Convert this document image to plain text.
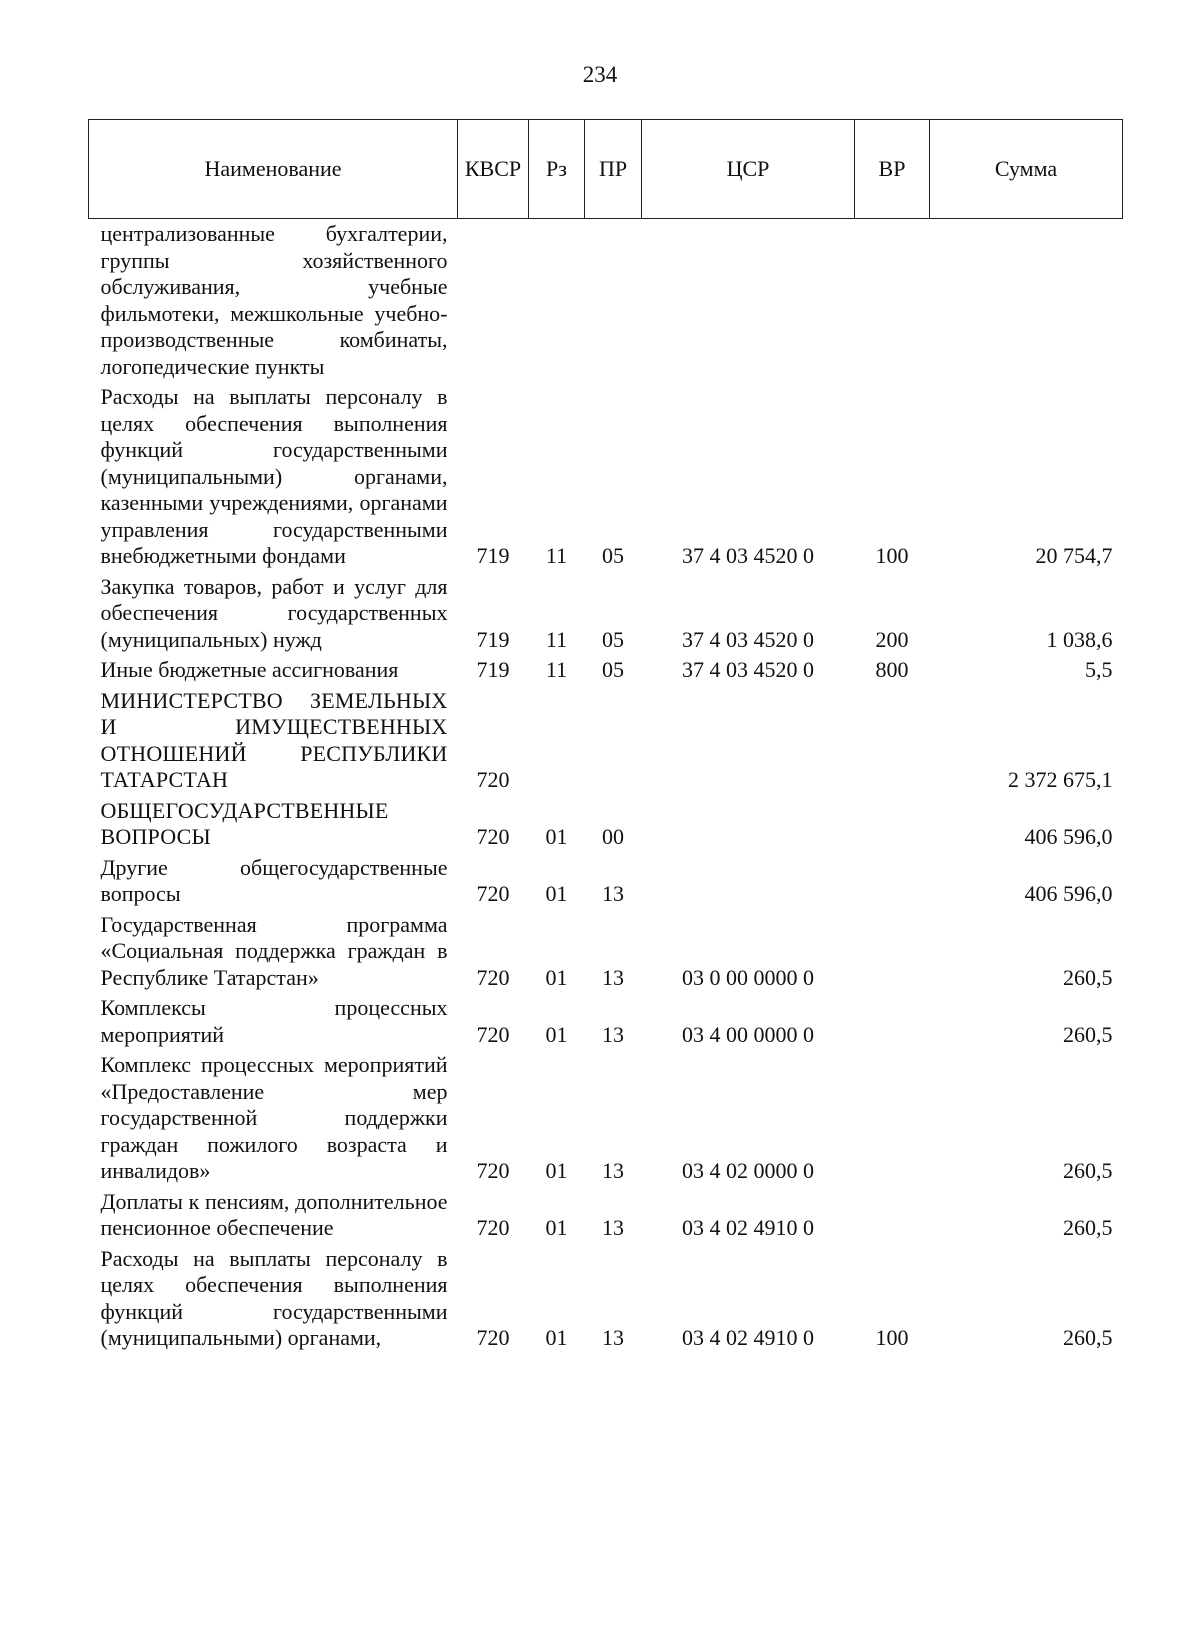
234
Наименование	КВСР	Рз	ПР	ЦСР	ВР	Сумма
централизованные бухгалтерии, группы хозяйственного обслуживания, учебные фильмотеки, межшкольные учебно-производственные комбинаты, логопедические пункты						
Расходы на выплаты персоналу в целях обеспечения выполнения функций государственными (муниципальными) органами, казенными учреждениями, органами управления государственными внебюджетными фондами	719	11	05	37 4 03 4520 0	100	20 754,7
Закупка товаров, работ и услуг для обеспечения государственных (муниципальных) нужд	719	11	05	37 4 03 4520 0	200	1 038,6
Иные бюджетные ассигнования	719	11	05	37 4 03 4520 0	800	5,5
МИНИСТЕРСТВО ЗЕМЕЛЬНЫХ И ИМУЩЕСТВЕННЫХ ОТНОШЕНИЙ РЕСПУБЛИКИ ТАТАРСТАН	720					2 372 675,1
ОБЩЕГОСУДАРСТВЕННЫЕ ВОПРОСЫ	720	01	00			406 596,0
Другие общегосударственные вопросы	720	01	13			406 596,0
Государственная программа «Социальная поддержка граждан в Республике Татарстан»	720	01	13	03 0 00 0000 0		260,5
Комплексы процессных мероприятий	720	01	13	03 4 00 0000 0		260,5
Комплекс процессных мероприятий «Предоставление мер государственной поддержки граждан пожилого возраста и инвалидов»	720	01	13	03 4 02 0000 0		260,5
Доплаты к пенсиям, дополнительное пенсионное обеспечение	720	01	13	03 4 02 4910 0		260,5
Расходы на выплаты персоналу в целях обеспечения выполнения функций государственными (муниципальными) органами,	720	01	13	03 4 02 4910 0	100	260,5
